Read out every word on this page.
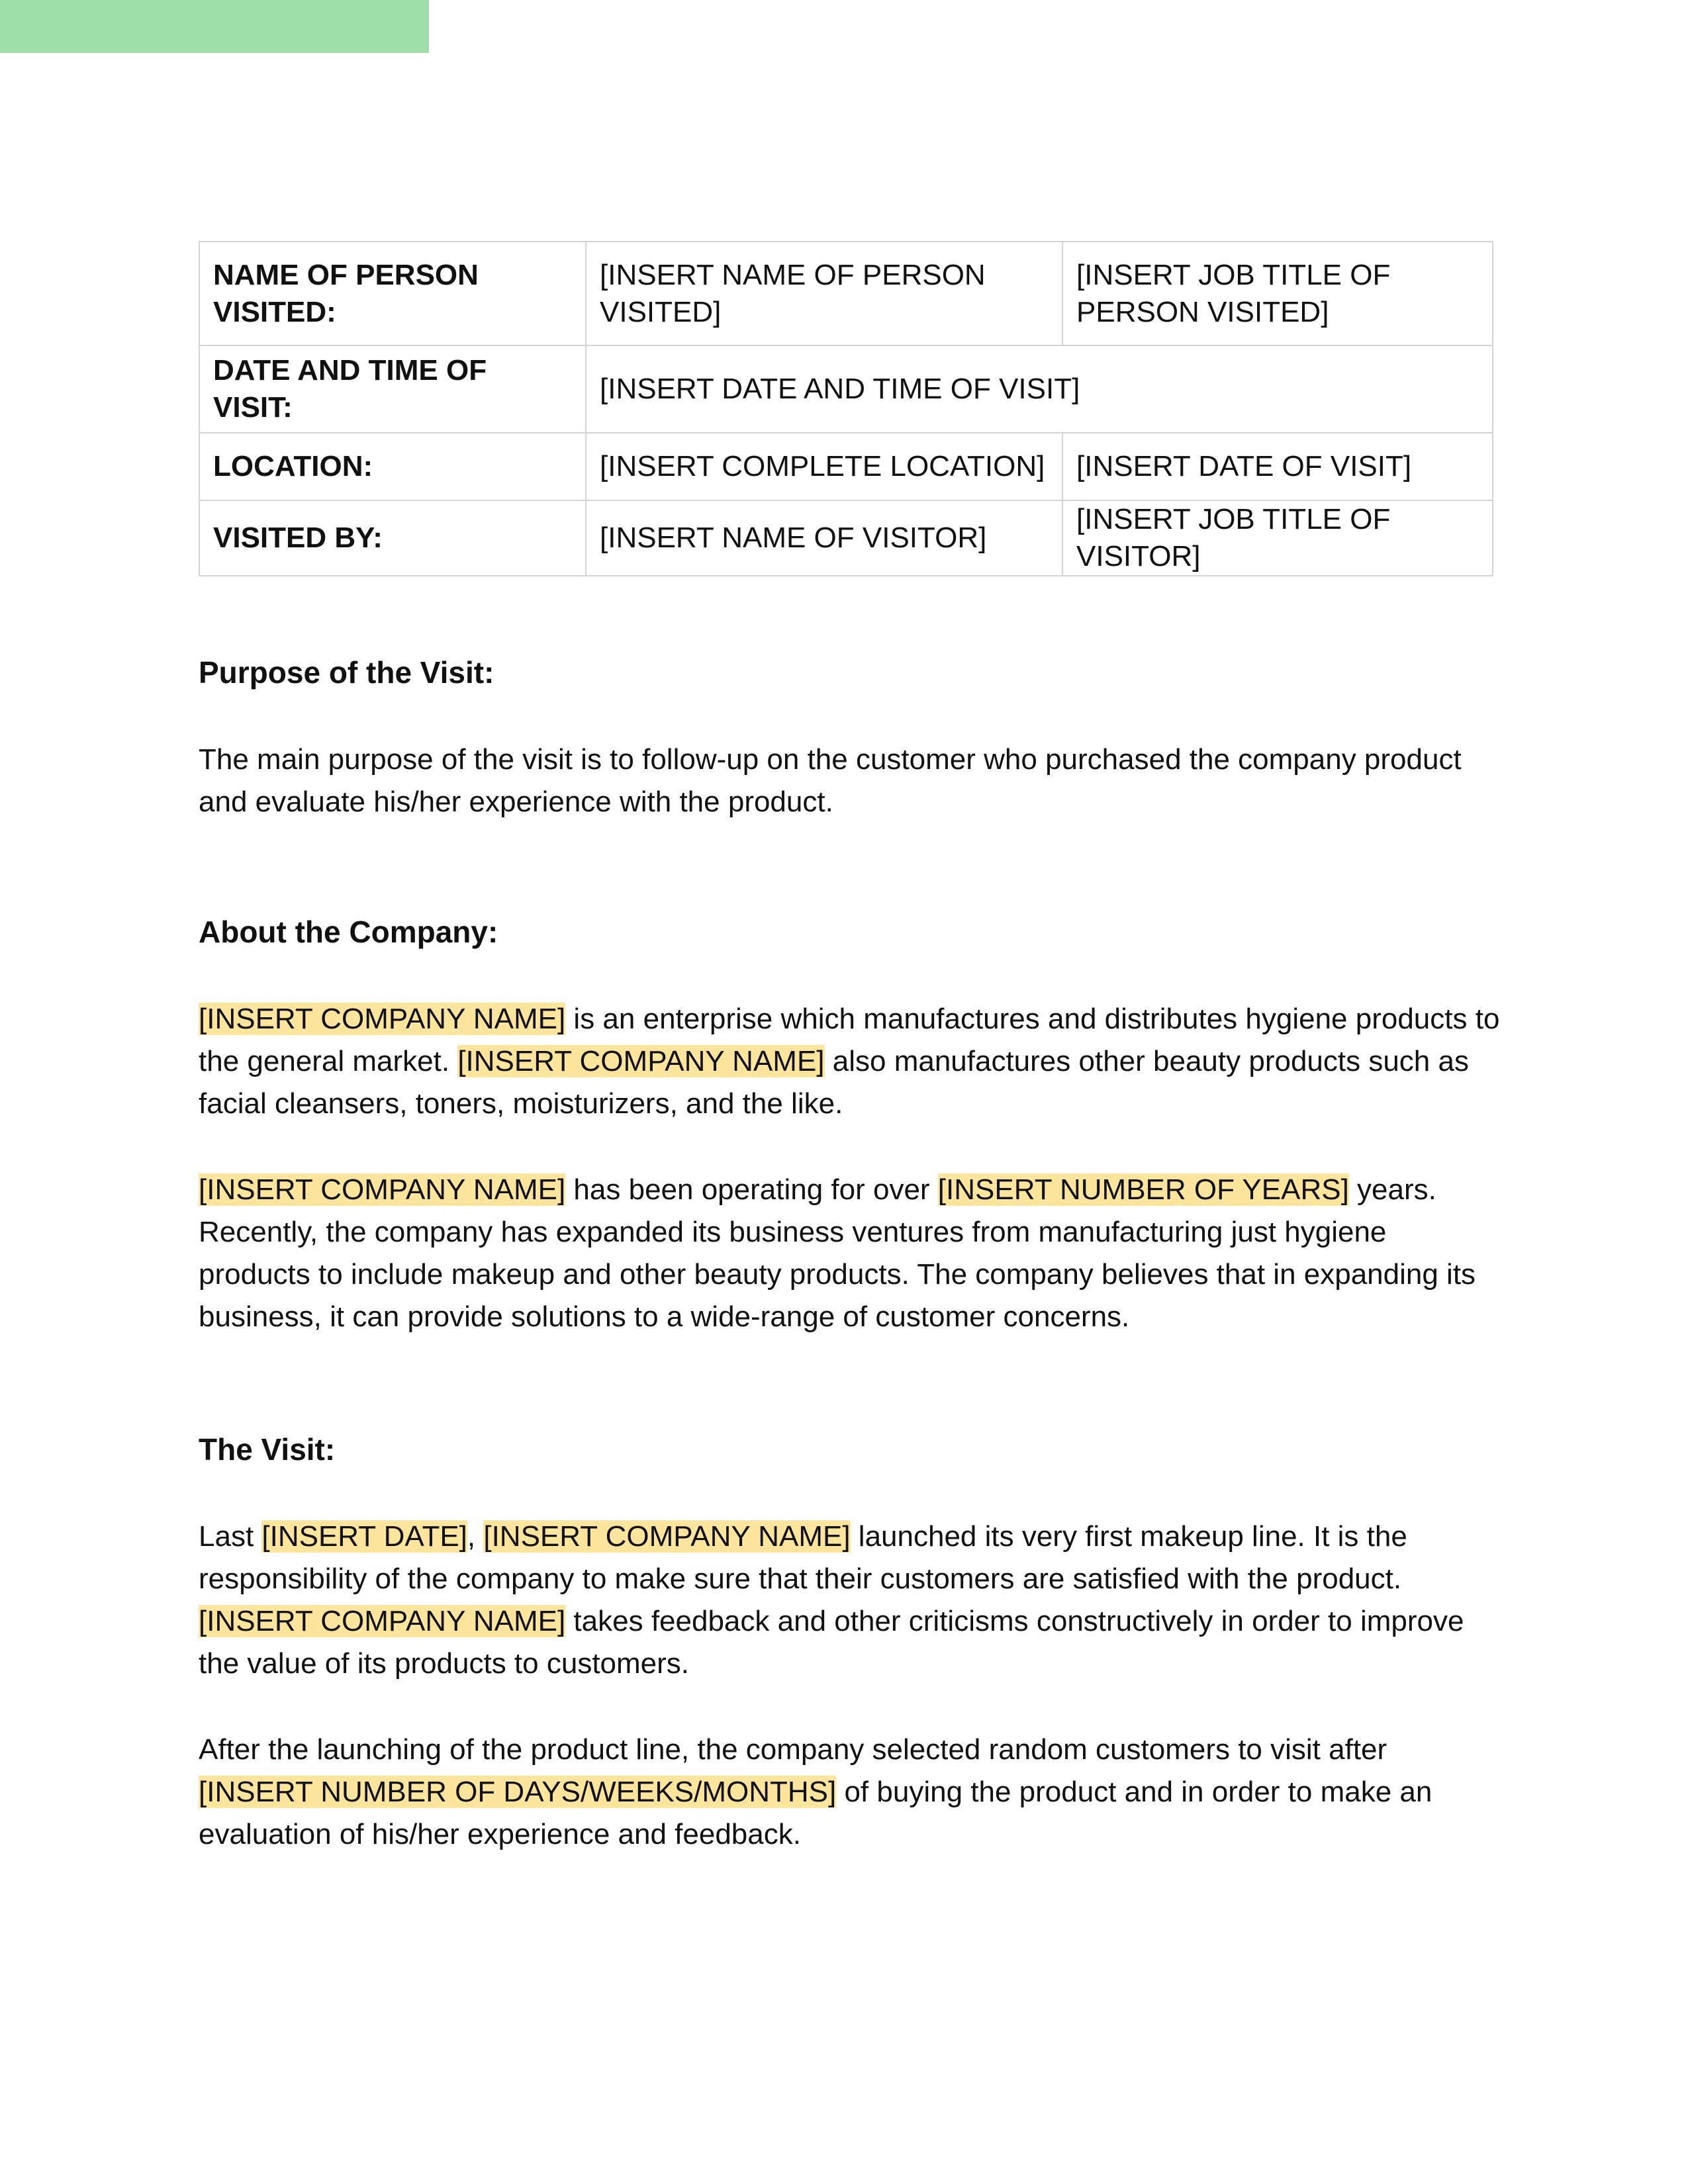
NAME OF PERSON VISITED:	[INSERT NAME OF PERSON VISITED]	[INSERT JOB TITLE OF PERSON VISITED]
DATE AND TIME OF VISIT:	[INSERT DATE AND TIME OF VISIT]	
LOCATION:	[INSERT COMPLETE LOCATION]	[INSERT DATE OF VISIT]
VISITED BY:	[INSERT NAME OF VISITOR]	[INSERT JOB TITLE OF VISITOR]
Purpose of the Visit:

The main purpose of the visit is to follow-up on the customer who purchased the company product and evaluate his/her experience with the product.

About the Company:

[INSERT COMPANY NAME] is an enterprise which manufactures and distributes hygiene products to the general market. [INSERT COMPANY NAME] also manufactures other beauty products such as facial cleansers, toners, moisturizers, and the like.

[INSERT COMPANY NAME] has been operating for over [INSERT NUMBER OF YEARS] years. Recently, the company has expanded its business ventures from manufacturing just hygiene products to include makeup and other beauty products. The company believes that in expanding its business, it can provide solutions to a wide-range of customer concerns.

The Visit:

Last [INSERT DATE], [INSERT COMPANY NAME] launched its very first makeup line. It is the responsibility of the company to make sure that their customers are satisfied with the product. [INSERT COMPANY NAME] takes feedback and other criticisms constructively in order to improve the value of its products to customers.

After the launching of the product line, the company selected random customers to visit after [INSERT NUMBER OF DAYS/WEEKS/MONTHS] of buying the product and in order to make an evaluation of his/her experience and feedback.
